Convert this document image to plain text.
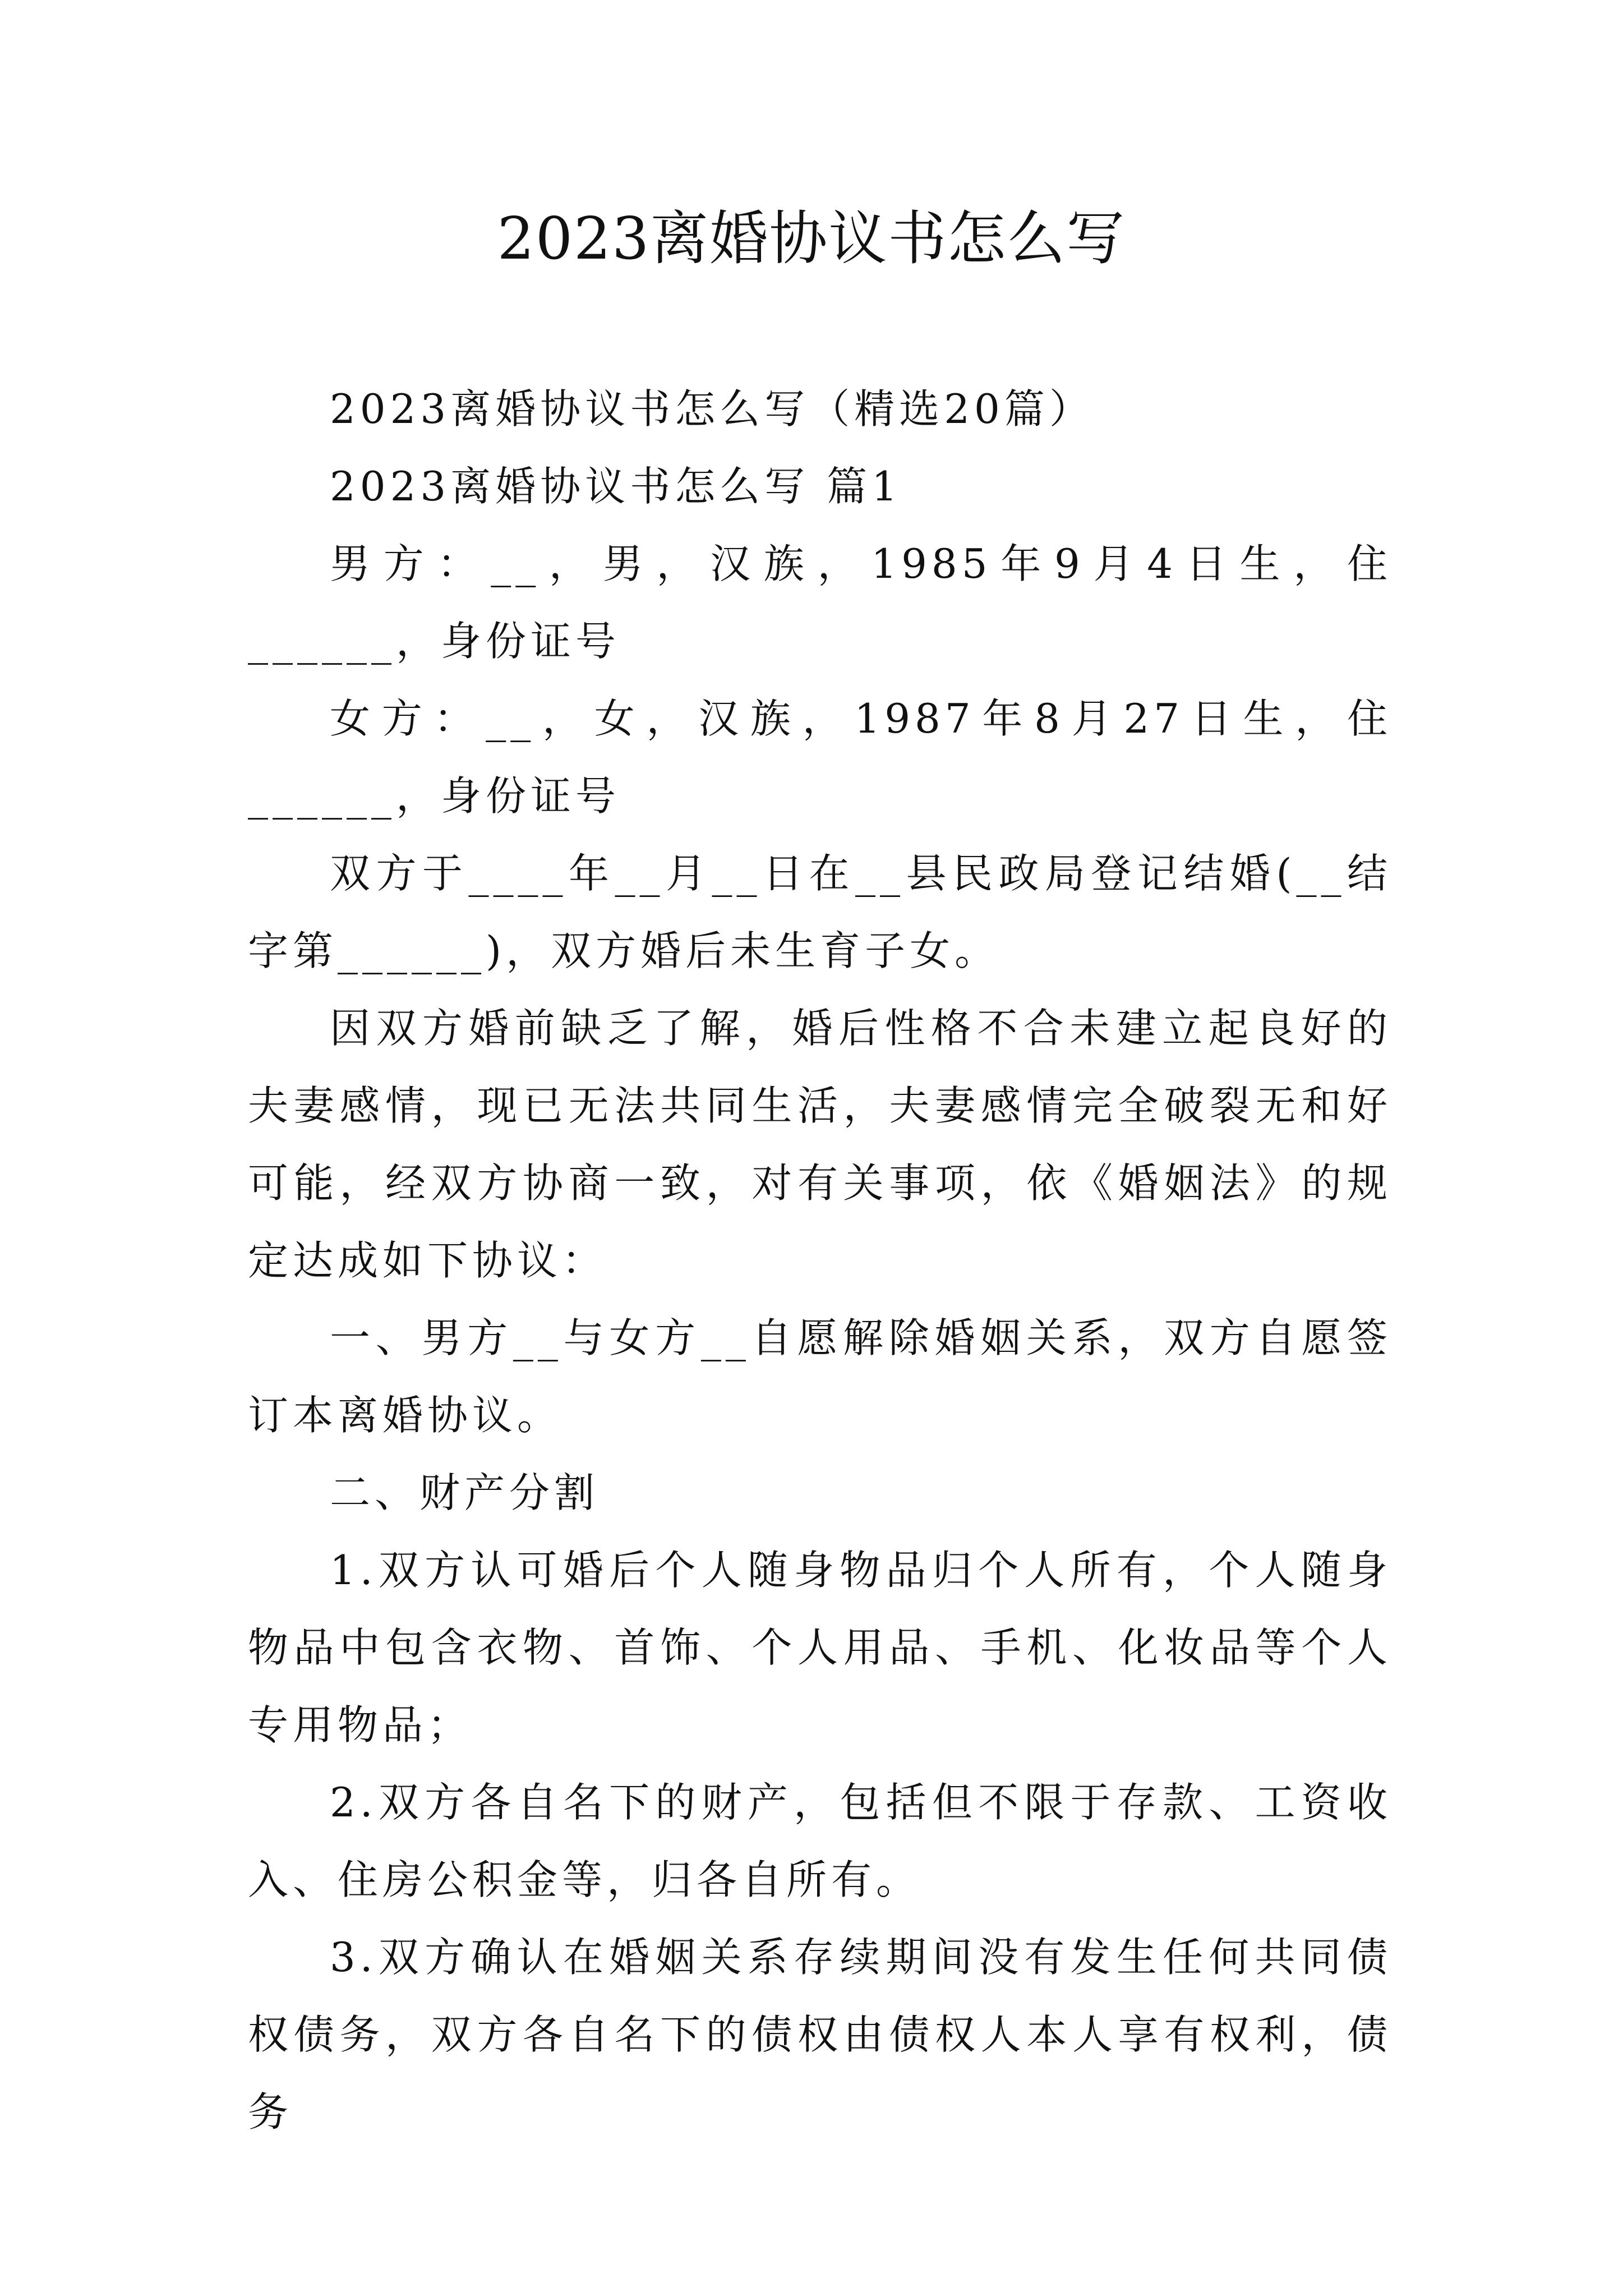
2023离婚协议书怎么写

2023离婚协议书怎么写（精选20篇）

2023离婚协议书怎么写 篇1

男方：__，男，汉族，1985年9月4日生，住______，身份证号

女方：__，女，汉族，1987年8月27日生，住______，身份证号

双方于____年__月__日在__县民政局登记结婚(__结字第______)，双方婚后未生育子女。

因双方婚前缺乏了解，婚后性格不合未建立起良好的夫妻感情，现已无法共同生活，夫妻感情完全破裂无和好可能，经双方协商一致，对有关事项，依《婚姻法》的规定达成如下协议：

一、男方__与女方__自愿解除婚姻关系，双方自愿签订本离婚协议。

二、财产分割

1.双方认可婚后个人随身物品归个人所有，个人随身物品中包含衣物、首饰、个人用品、手机、化妆品等个人专用物品；

2.双方各自名下的财产，包括但不限于存款、工资收入、住房公积金等，归各自所有。

3.双方确认在婚姻关系存续期间没有发生任何共同债权债务，双方各自名下的债权由债权人本人享有权利，债务
